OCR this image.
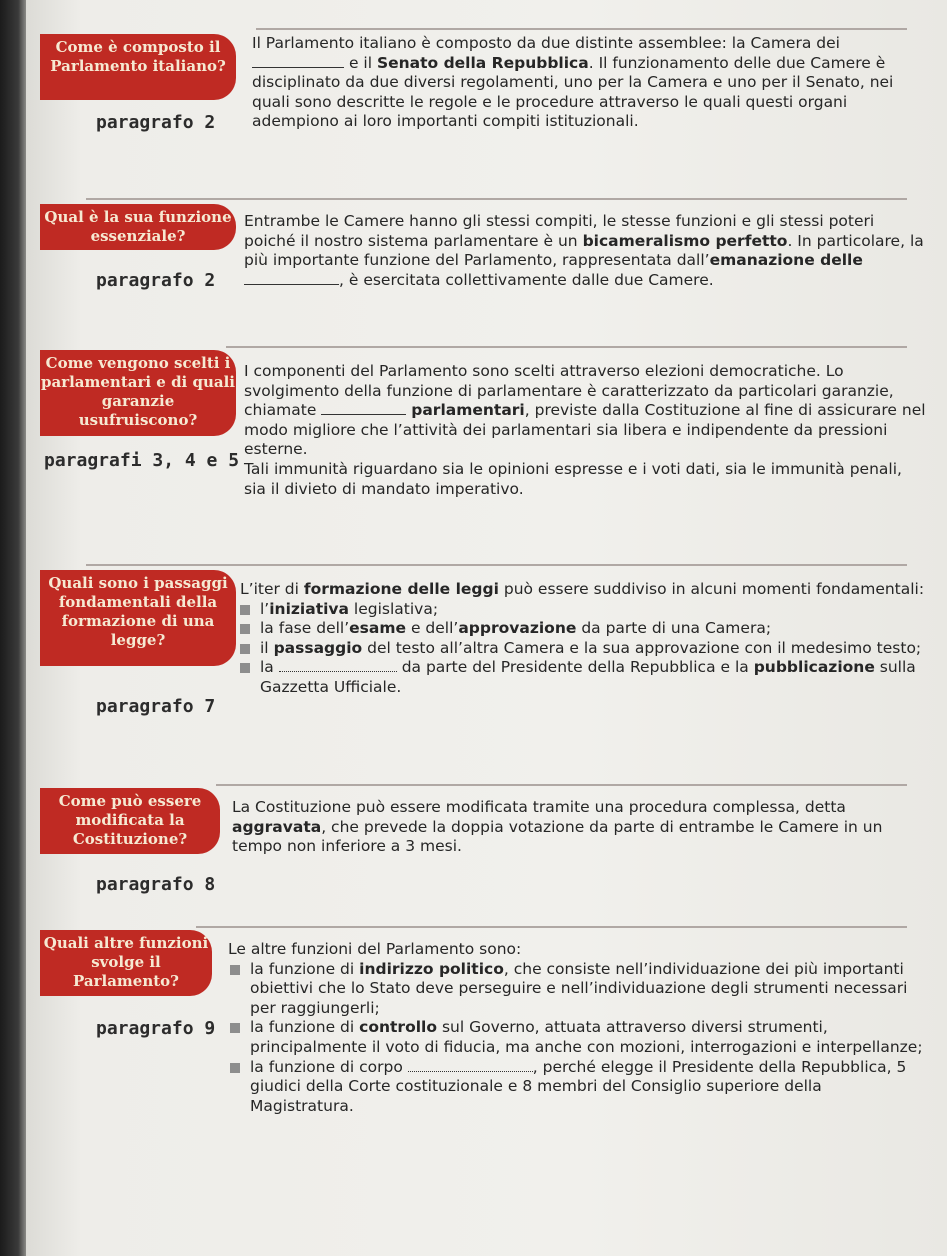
Come è composto il Parlamento italiano?
paragrafo 2
Il Parlamento italiano è composto da due distinte assemblee: la Camera dei  e il Senato della Repubblica. Il funzionamento delle due Camere è disciplinato da due diversi regolamenti, uno per la Camera e uno per il Senato, nei quali sono descritte le regole e le procedure attraverso le quali questi organi adempiono ai loro importanti compiti istituzionali.
Qual è la sua funzione essenziale?
paragrafo 2
Entrambe le Camere hanno gli stessi compiti, le stesse funzioni e gli stessi poteri poiché il nostro sistema parlamentare è un bicameralismo perfetto. In particolare, la più importante funzione del Parlamento, rappresentata dall’emanazione delle , è esercitata collettivamente dalle due Camere.
Come vengono scelti i parlamentari e di quali garanzie usufruiscono?
paragrafi 3, 4 e 5
I componenti del Parlamento sono scelti attraverso elezioni democratiche. Lo svolgimento della funzione di parlamentare è caratterizzato da particolari garanzie, chiamate	parlamentari, previste dalla Costituzione al fine di assicurare nel modo migliore che l’attività dei parlamentari sia libera e indipendente da pressioni esterne.
Tali immunità riguardano sia le opinioni espresse e i voti dati, sia le immunità penali, sia il divieto di mandato imperativo.
Quali sono i passaggi fondamentali della formazione di una legge?
paragrafo 7
L’iter di formazione delle leggi può essere suddiviso in alcuni momenti fondamentali:
l’iniziativa legislativa;
la fase dell’esame e dell’approvazione da parte di una Camera;
il passaggio del testo all’altra Camera e la sua approvazione con il medesimo testo;
la	da parte del Presidente della Repubblica e la pubblicazione sulla Gazzetta Ufficiale.
Come può essere modificata la Costituzione?
paragrafo 8
La Costituzione può essere modificata tramite una procedura complessa, detta aggravata, che prevede la doppia votazione da parte di entrambe le Camere in un tempo non inferiore a 3 mesi.
Quali altre funzioni svolge il Parlamento?
paragrafo 9
Le altre funzioni del Parlamento sono:
la funzione di indirizzo politico, che consiste nell’individuazione dei più importanti obiettivi che lo Stato deve perseguire e nell’individuazione degli strumenti necessari per raggiungerli;
la funzione di controllo sul Governo, attuata attraverso diversi strumenti, principalmente il voto di fiducia, ma anche con mozioni, interrogazioni e interpellanze;
la funzione di corpo	, perché elegge il Presidente della Repubblica, 5 giudici della Corte costituzionale e 8 membri del Consiglio superiore della Magistratura.
